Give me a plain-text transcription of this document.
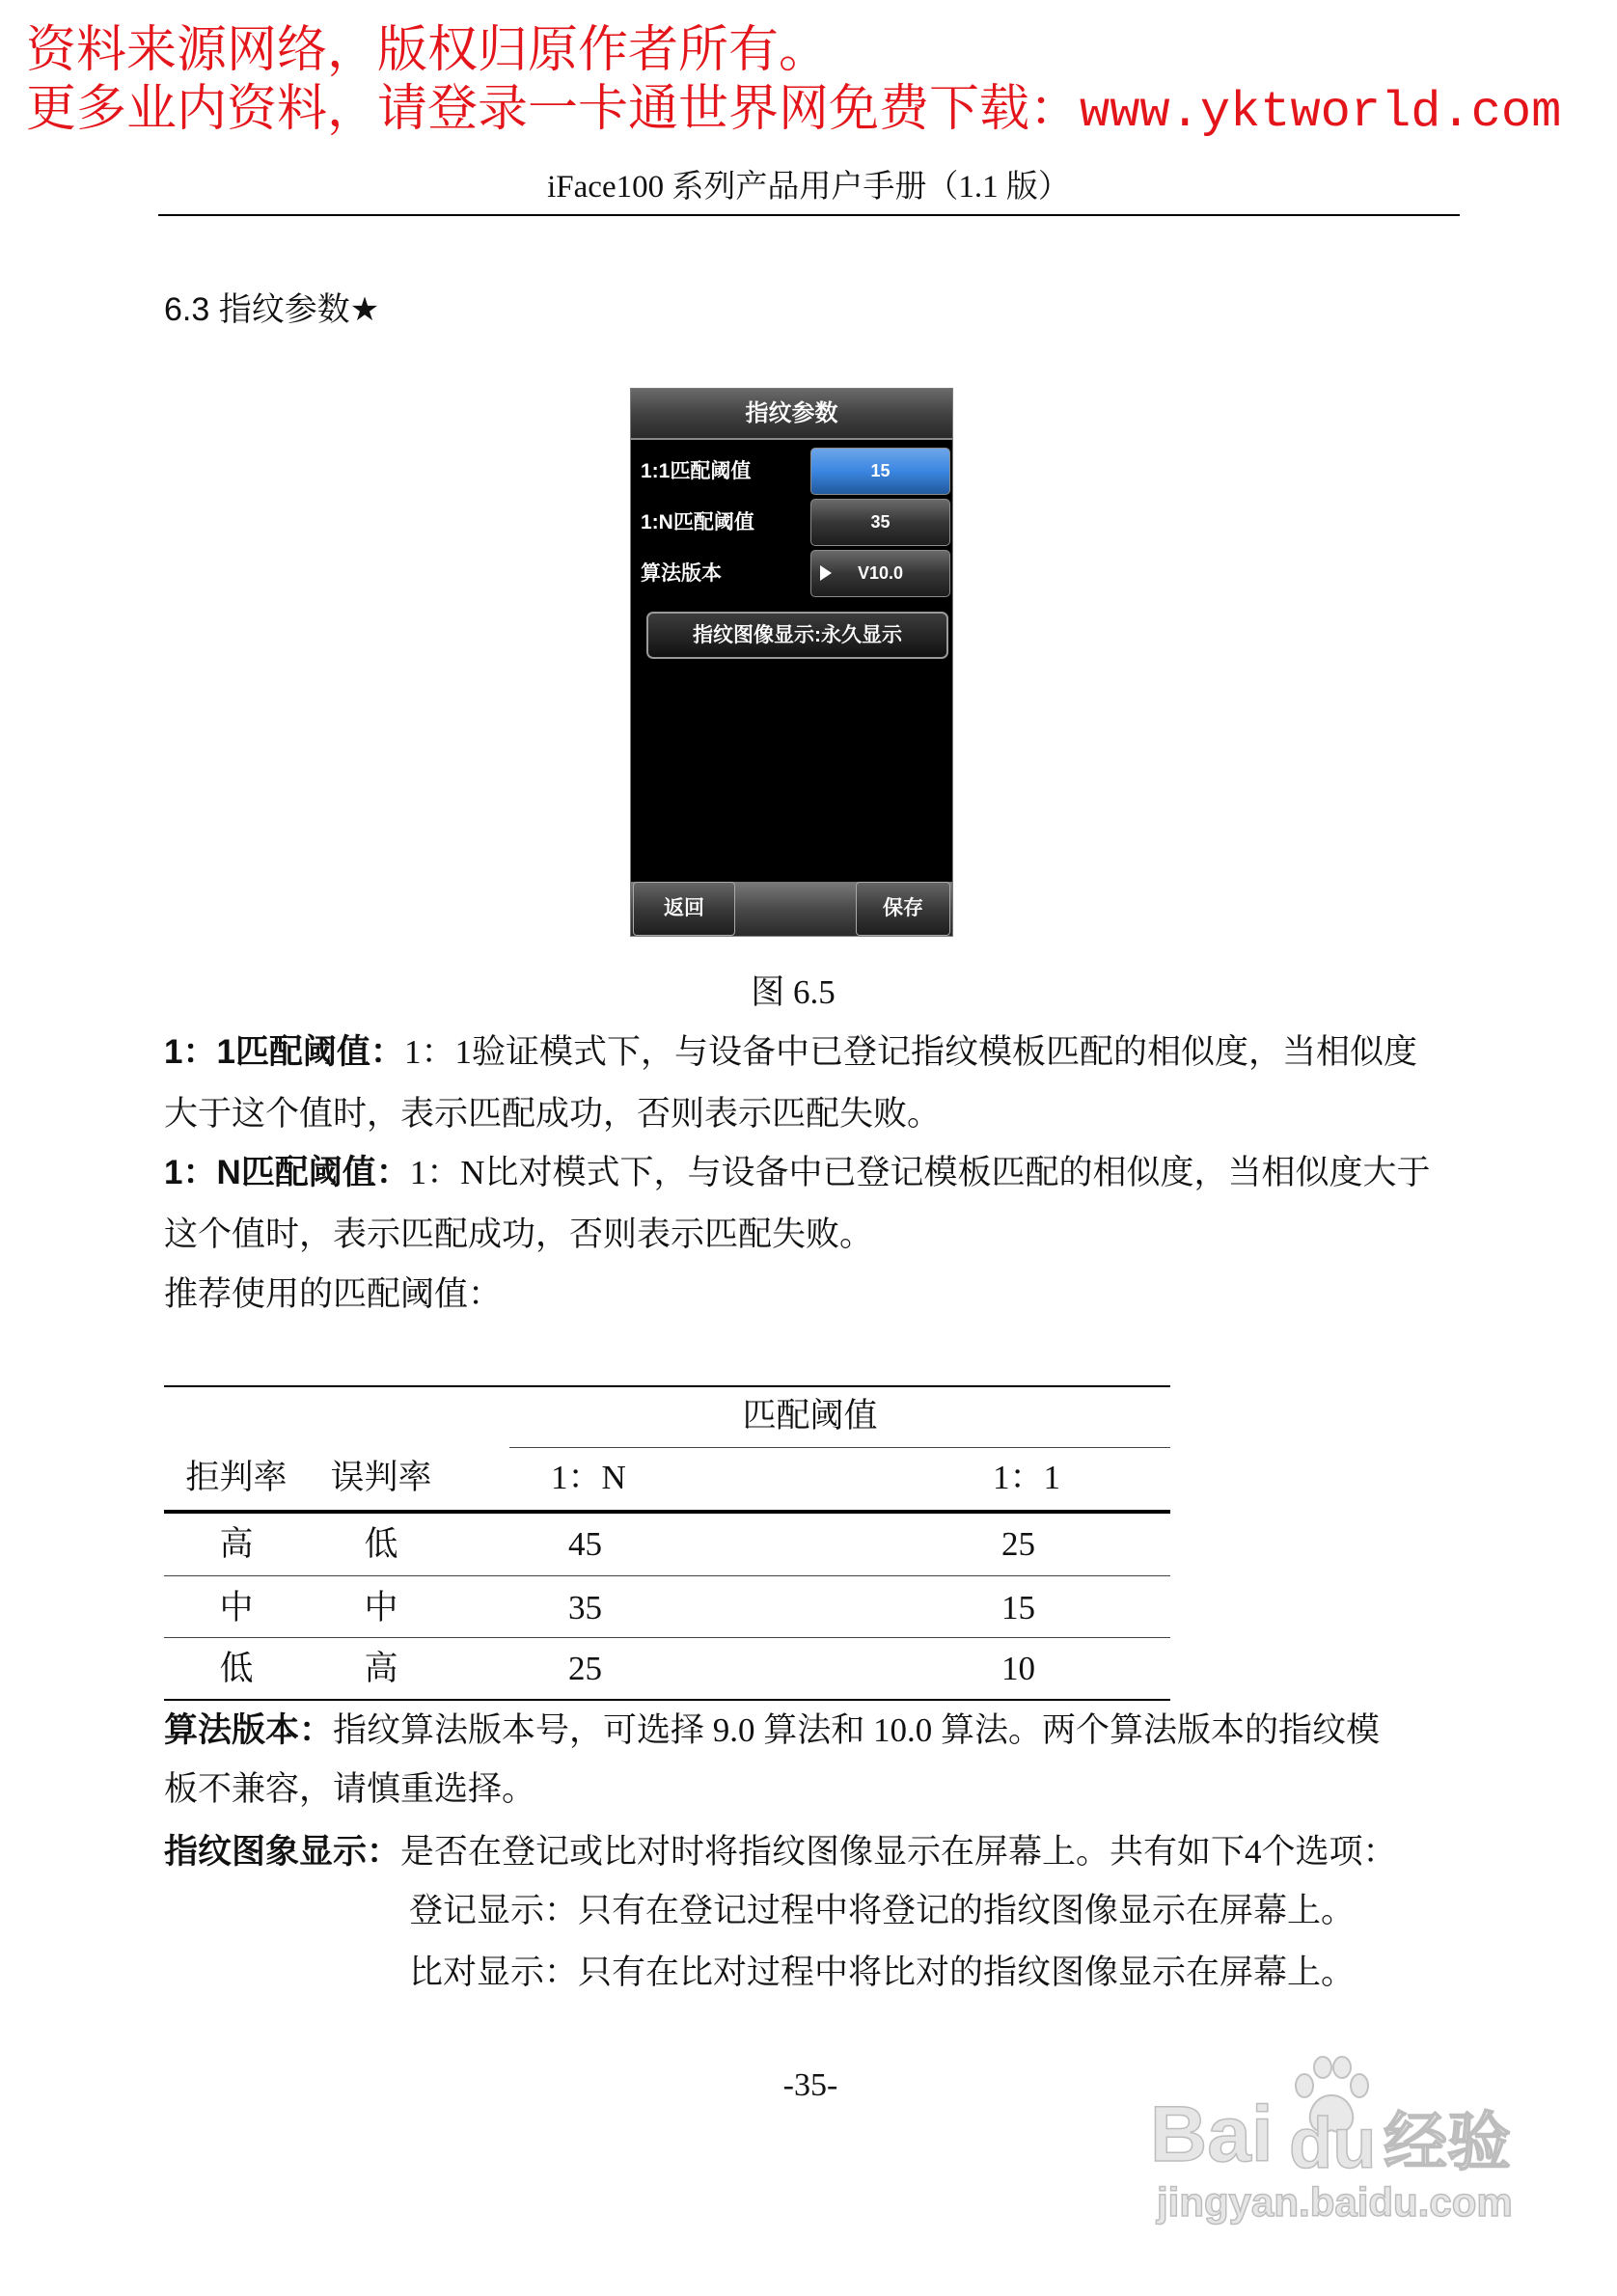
资料来源网络，版权归原作者所有。
更多业内资料，请登录一卡通世界网免费下载：www.yktworld.com
iFace100 系列产品用户手册（1.1 版）
6.3 指纹参数★
指纹参数
1:1匹配阈值	15
1:N匹配阈值	35
算法版本	V10.0
指纹图像显示:永久显示
返回	保存
图 6.5
1：1匹配阈值：1：1验证模式下，与设备中已登记指纹模板匹配的相似度，当相似度
大于这个值时，表示匹配成功，否则表示匹配失败。
1：N匹配阈值：1：N比对模式下，与设备中已登记模板匹配的相似度，当相似度大于
这个值时，表示匹配成功，否则表示匹配失败。
推荐使用的匹配阈值：
匹配阈值
拒判率	误判率	1：N	1：1
高	低	45	25
中	中	35	15
低	高	25	10
算法版本：指纹算法版本号，可选择 9.0 算法和 10.0 算法。两个算法版本的指纹模
板不兼容，请慎重选择。
指纹图象显示：是否在登记或比对时将指纹图像显示在屏幕上。共有如下4个选项：
登记显示：只有在登记过程中将登记的指纹图像显示在屏幕上。
比对显示：只有在比对过程中将比对的指纹图像显示在屏幕上。
-35-
Bai du 经验
jingyan.baidu.com
